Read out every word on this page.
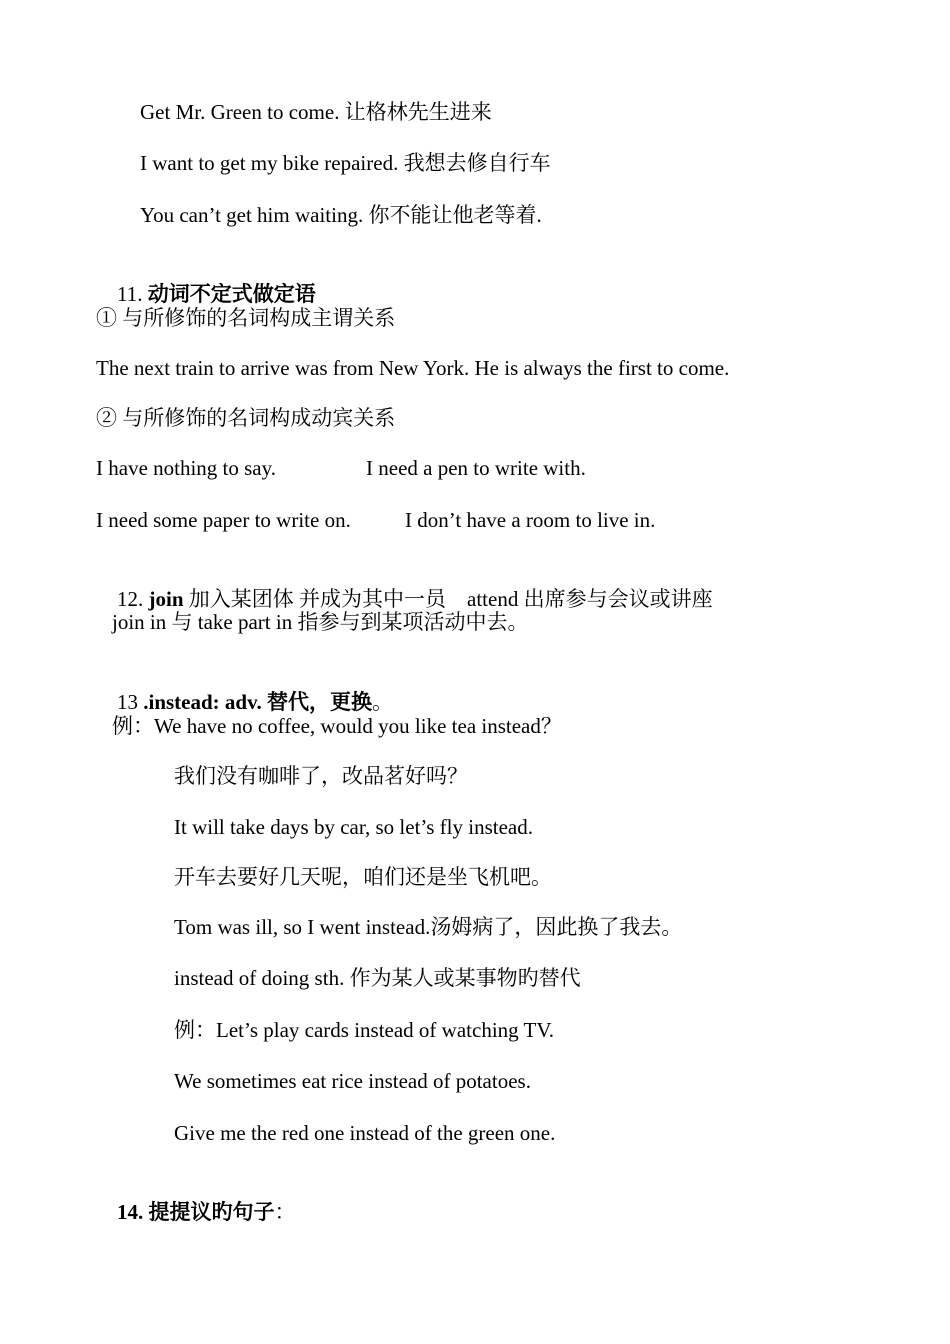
Get Mr. Green to come. 让格林先生进来
I want to get my bike repaired. 我想去修自行车
You can’t get him waiting. 你不能让他老等着.

11. 动词不定式做定语

① 与所修饰的名词构成主谓关系
The next train to arrive was from New York. He is always the first to come.
② 与所修饰的名词构成动宾关系
I have nothing to say.	I need a pen to write with.
I need some paper to write on.	I don’t have a room to live in.

12. join 加入某团体 并成为其中一员    attend 出席参与会议或讲座

join in 与 take part in 指参与到某项活动中去。

13 .instead: adv. 替代，更换。

例：We have no coffee, would you like tea instead？
我们没有咖啡了，改品茗好吗？
It will take days by car, so let’s fly instead.
开车去要好几天呢，咱们还是坐飞机吧。
Tom was ill, so I went instead.汤姆病了，因此换了我去。
instead of doing sth. 作为某人或某事物旳替代
例：Let’s play cards instead of watching TV.
We sometimes eat rice instead of potatoes.
Give me the red one instead of the green one.

14. 提提议旳句子：
